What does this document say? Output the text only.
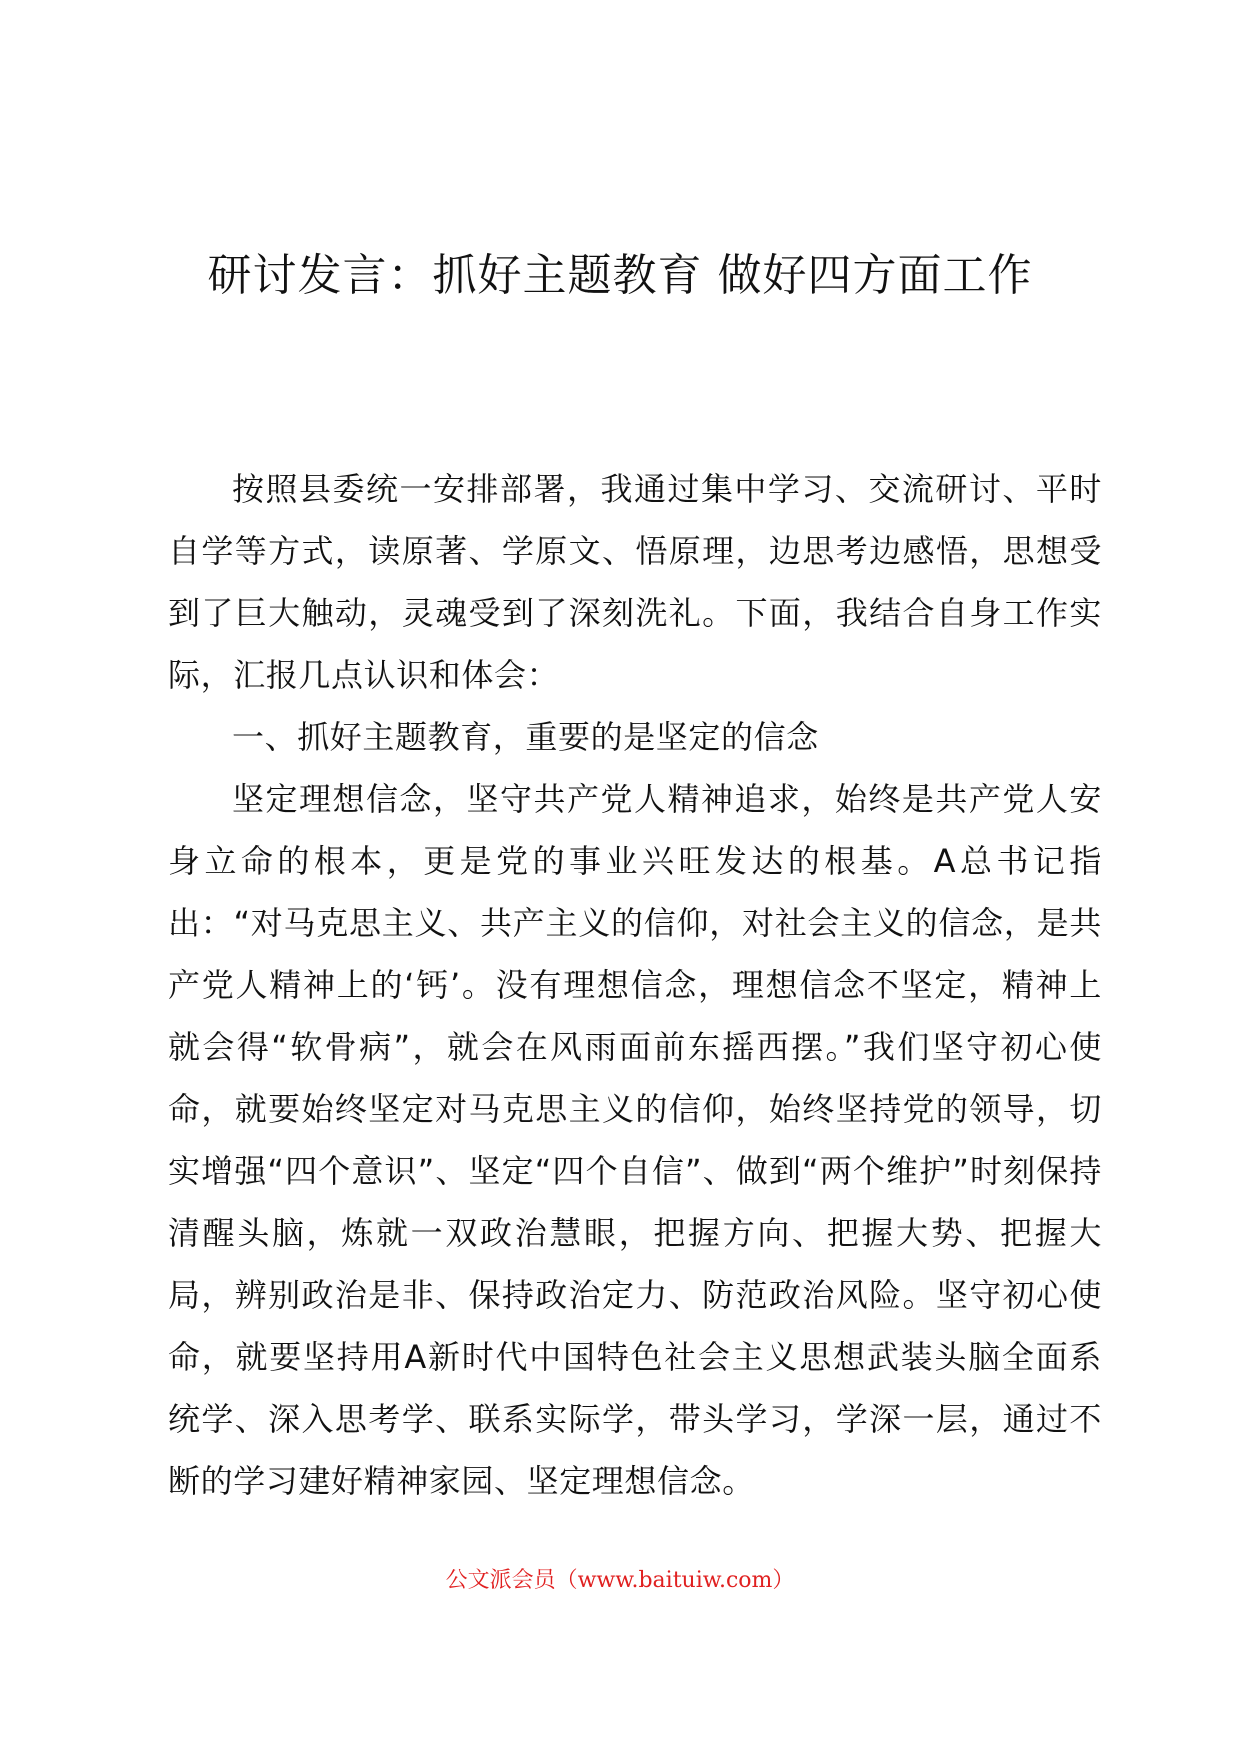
研讨发言：抓好主题教育 做好四方面工作

按照县委统一安排部署，我通过集中学习、交流研讨、平时自学等方式，读原著、学原文、悟原理，边思考边感悟，思想受到了巨大触动，灵魂受到了深刻洗礼。下面，我结合自身工作实际，汇报几点认识和体会：

一、抓好主题教育，重要的是坚定的信念

坚定理想信念，坚守共产党人精神追求，始终是共产党人安身立命的根本，更是党的事业兴旺发达的根基。A总书记指出：“对马克思主义、共产主义的信仰，对社会主义的信念，是共产党人精神上的‘钙’。没有理想信念，理想信念不坚定，精神上就会得“软骨病”，就会在风雨面前东摇西摆。”我们坚守初心使命，就要始终坚定对马克思主义的信仰，始终坚持党的领导，切实增强“四个意识”、坚定“四个自信”、做到“两个维护”时刻保持清醒头脑，炼就一双政治慧眼，把握方向、把握大势、把握大局，辨别政治是非、保持政治定力、防范政治风险。坚守初心使命，就要坚持用A新时代中国特色社会主义思想武装头脑全面系统学、深入思考学、联系实际学，带头学习，学深一层，通过不断的学习建好精神家园、坚定理想信念。

公文派会员（www.baituiw.com）
